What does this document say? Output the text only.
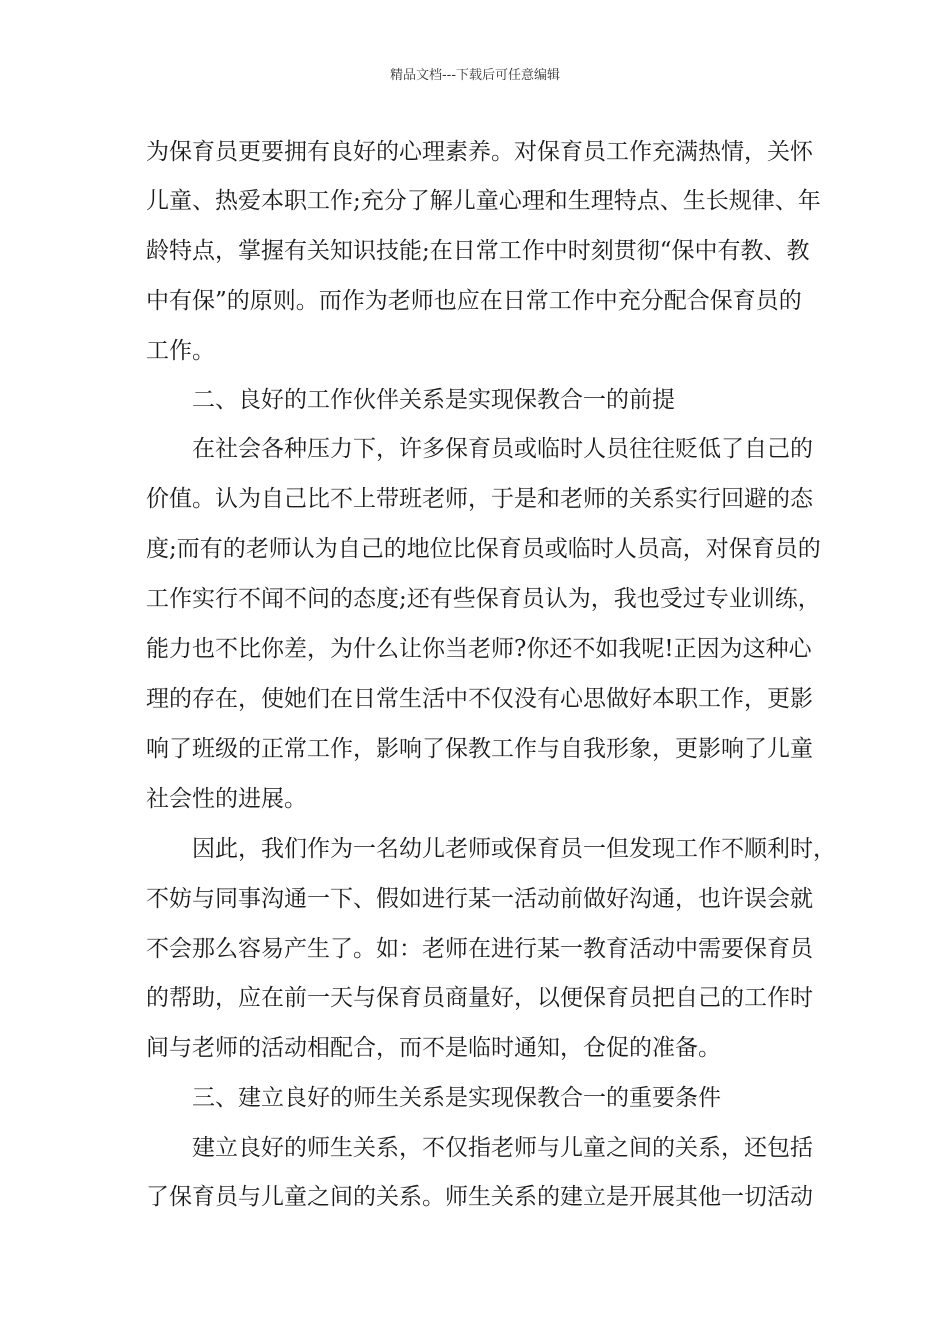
精品文档---下载后可任意编辑
为保育员更要拥有良好的心理素养。对保育员工作充满热情，关怀
儿童、热爱本职工作;充分了解儿童心理和生理特点、生长规律、年
龄特点，掌握有关知识技能;在日常工作中时刻贯彻“保中有教、教
中有保”的原则。而作为老师也应在日常工作中充分配合保育员的
工作。
二、良好的工作伙伴关系是实现保教合一的前提
在社会各种压力下，许多保育员或临时人员往往贬低了自己的
价值。认为自己比不上带班老师，于是和老师的关系实行回避的态
度;而有的老师认为自己的地位比保育员或临时人员高，对保育员的
工作实行不闻不问的态度;还有些保育员认为，我也受过专业训练，
能力也不比你差，为什么让你当老师?你还不如我呢!正因为这种心
理的存在，使她们在日常生活中不仅没有心思做好本职工作，更影
响了班级的正常工作，影响了保教工作与自我形象，更影响了儿童
社会性的进展。
因此，我们作为一名幼儿老师或保育员一但发现工作不顺利时，
不妨与同事沟通一下、假如进行某一活动前做好沟通，也许误会就
不会那么容易产生了。如：老师在进行某一教育活动中需要保育员
的帮助，应在前一天与保育员商量好，以便保育员把自己的工作时
间与老师的活动相配合，而不是临时通知，仓促的准备。
三、建立良好的师生关系是实现保教合一的重要条件
建立良好的师生关系，不仅指老师与儿童之间的关系，还包括
了保育员与儿童之间的关系。师生关系的建立是开展其他一切活动
